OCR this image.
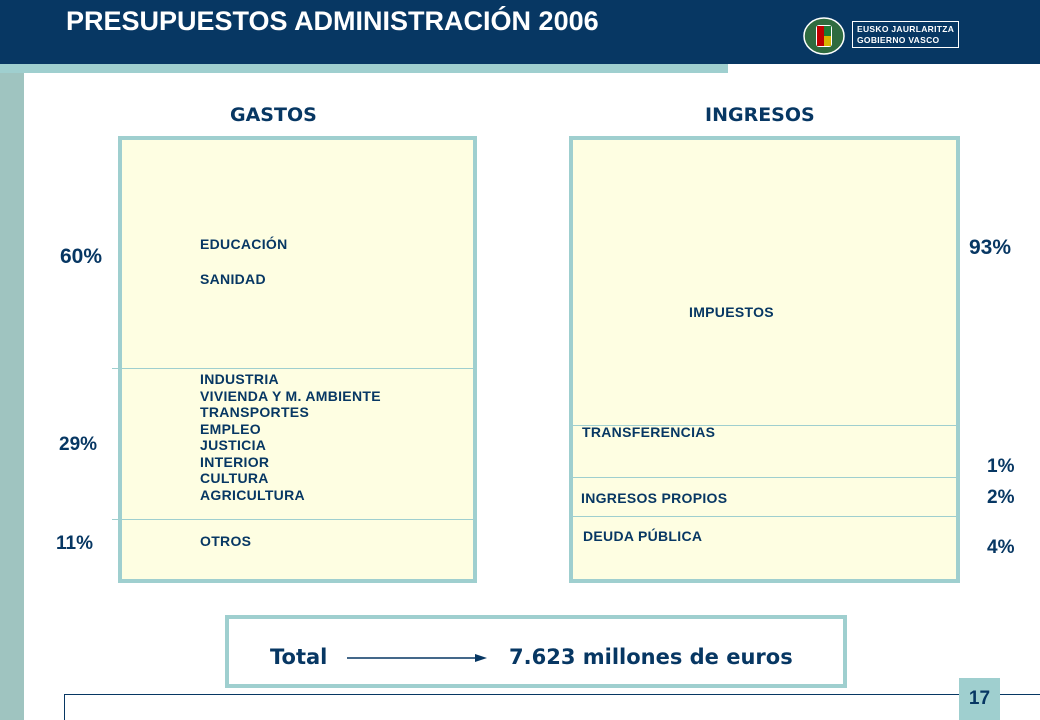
PRESUPUESTOS ADMINISTRACIÓN 2006	EUSKO JAURLARITZA
GOBIERNO VASCO
GASTOS	INGRESOS
EDUCACIÓN
SANIDAD
INDUSTRIA
VIVIENDA Y M. AMBIENTE
TRANSPORTES
EMPLEO
JUSTICIA
INTERIOR
CULTURA
AGRICULTURA
OTROS
60%
29%
11%
IMPUESTOS
TRANSFERENCIAS
INGRESOS PROPIOS
DEUDA PÚBLICA
93%
1%
2%
4%
Total	7.623 millones de euros
17
